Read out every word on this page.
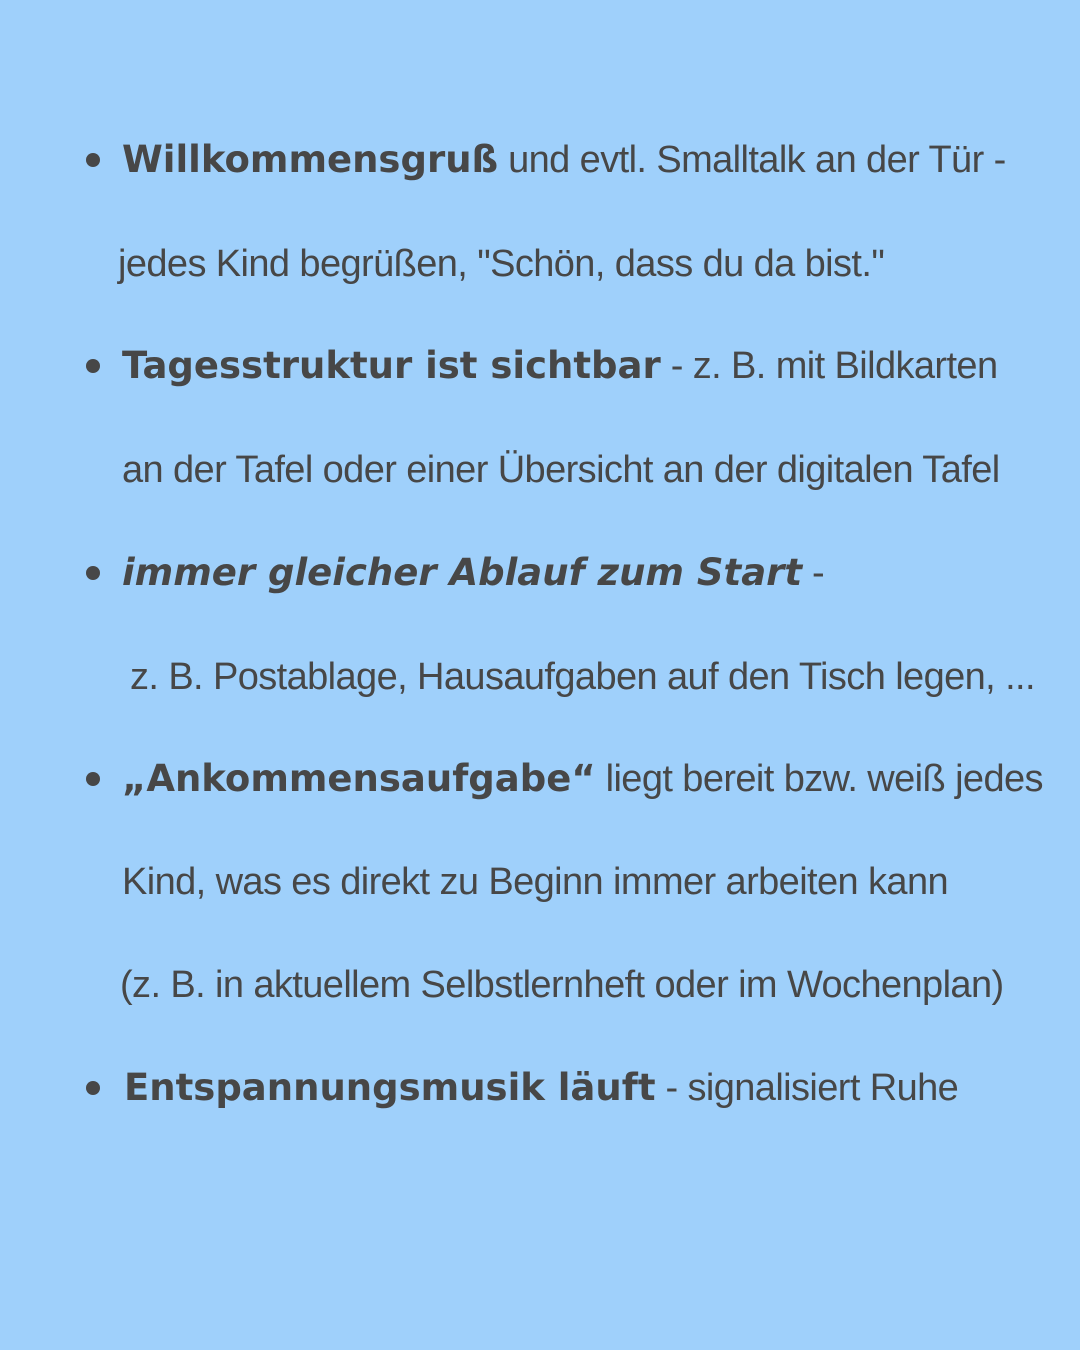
Willkommensgruß und evtl. Smalltalk an der Tür -
jedes Kind begrüßen, "Schön, dass du da bist."
Tagesstruktur ist sichtbar - z. B. mit Bildkarten
an der Tafel oder einer Übersicht an der digitalen Tafel
immer gleicher Ablauf zum Start -
z. B. Postablage, Hausaufgaben auf den Tisch legen, ...
„Ankommensaufgabe“ liegt bereit bzw. weiß jedes
Kind, was es direkt zu Beginn immer arbeiten kann
(z. B. in aktuellem Selbstlernheft oder im Wochenplan)
Entspannungsmusik läuft - signalisiert Ruhe
